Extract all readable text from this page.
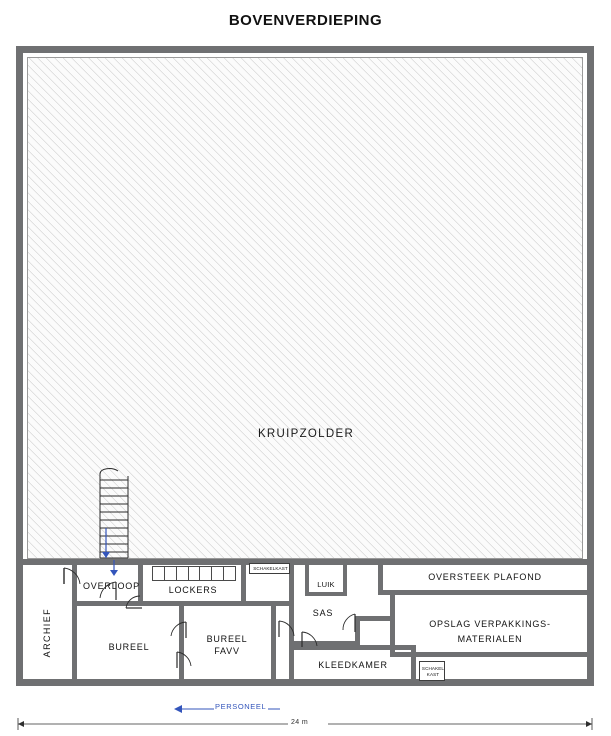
BOVENVERDIEPING
KRUIPZOLDER
ARCHIEF
OVERLOOP	LOCKERS
BUREEL
BUREEL
FAVV
SAS
KLEEDKAMER
LUIK
OVERSTEEK PLAFOND
OPSLAG VERPAKKINGS-
MATERIALEN
SCHAKELKAST
SCHAKEL
KAST
PERSONEEL
24 m
